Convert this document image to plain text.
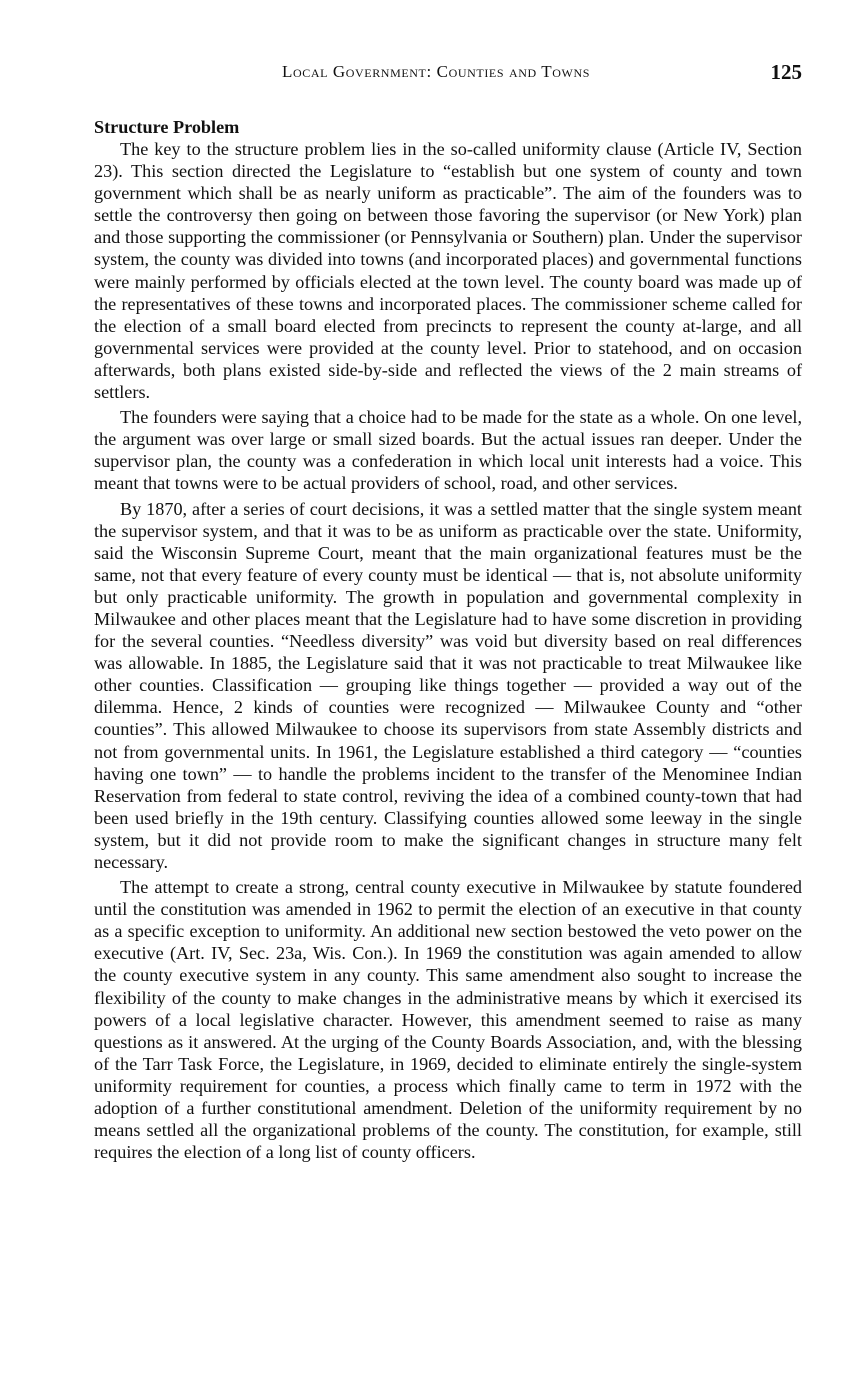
Local Government: Counties and Towns	125
Structure Problem

The key to the structure problem lies in the so-called uniformity clause (Article IV, Section 23). This section directed the Legislature to “establish but one system of county and town government which shall be as nearly uniform as practicable”. The aim of the founders was to settle the controversy then going on between those favoring the supervisor (or New York) plan and those supporting the commissioner (or Pennsylvania or Southern) plan. Under the supervisor system, the county was divided into towns (and incorporated places) and governmental functions were mainly performed by officials elected at the town level. The county board was made up of the representatives of these towns and incorporated places. The commissioner scheme called for the election of a small board elected from precincts to represent the county at-large, and all governmental services were provided at the county level. Prior to statehood, and on occasion afterwards, both plans existed side-by-side and reflected the views of the 2 main streams of settlers.

The founders were saying that a choice had to be made for the state as a whole. On one level, the argument was over large or small sized boards. But the actual issues ran deeper. Under the supervisor plan, the county was a confederation in which local unit interests had a voice. This meant that towns were to be actual providers of school, road, and other services.

By 1870, after a series of court decisions, it was a settled matter that the single system meant the supervisor system, and that it was to be as uniform as practicable over the state. Uniformity, said the Wisconsin Supreme Court, meant that the main organizational features must be the same, not that every feature of every county must be identical — that is, not absolute uniformity but only practicable uniformity. The growth in population and governmental complexity in Milwaukee and other places meant that the Legislature had to have some discretion in providing for the several counties. “Needless diversity” was void but diversity based on real differences was allowable. In 1885, the Legislature said that it was not practicable to treat Milwaukee like other counties. Classification — grouping like things together — provided a way out of the dilemma. Hence, 2 kinds of counties were recognized — Milwaukee County and “other counties”. This allowed Milwaukee to choose its supervisors from state Assembly districts and not from governmental units. In 1961, the Legislature established a third category — “counties having one town” — to handle the problems incident to the transfer of the Menominee Indian Reservation from federal to state control, reviving the idea of a combined county-town that had been used briefly in the 19th century. Classifying counties allowed some leeway in the single system, but it did not provide room to make the significant changes in structure many felt necessary.

The attempt to create a strong, central county executive in Milwaukee by statute foundered until the constitution was amended in 1962 to permit the election of an executive in that county as a specific exception to uniformity. An additional new section bestowed the veto power on the executive (Art. IV, Sec. 23a, Wis. Con.). In 1969 the constitution was again amended to allow the county executive system in any county. This same amendment also sought to increase the flexibility of the county to make changes in the administrative means by which it exercised its powers of a local legislative character. However, this amendment seemed to raise as many questions as it answered. At the urging of the County Boards Association, and, with the blessing of the Tarr Task Force, the Legislature, in 1969, decided to eliminate entirely the single-system uniformity requirement for counties, a process which finally came to term in 1972 with the adoption of a further constitutional amendment. Deletion of the uniformity requirement by no means settled all the organizational problems of the county. The constitution, for example, still requires the election of a long list of county officers.
